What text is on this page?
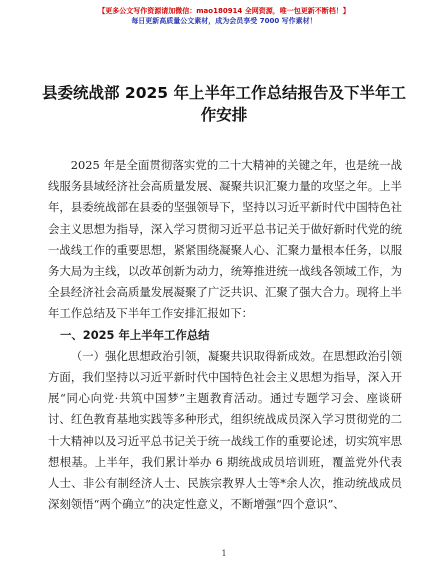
【更多公文写作资源请加微信：mao180914 全网资源，唯一包更新不断档！】
每日更新高质量公文素材，成为会员享受 7000 写作素材！
县委统战部 2025 年上半年工作总结报告及下半年工作安排

2025 年是全面贯彻落实党的二十大精神的关键之年，也是统一战线服务县域经济社会高质量发展、凝聚共识汇聚力量的攻坚之年。上半年，县委统战部在县委的坚强领导下，坚持以习近平新时代中国特色社会主义思想为指导，深入学习贯彻习近平总书记关于做好新时代党的统一战线工作的重要思想，紧紧围绕凝聚人心、汇聚力量根本任务，以服务大局为主线，以改革创新为动力，统筹推进统一战线各领域工作，为全县经济社会高质量发展凝聚了广泛共识、汇聚了强大合力。现将上半年工作总结及下半年工作安排汇报如下：

一、2025 年上半年工作总结

（一）强化思想政治引领，凝聚共识取得新成效。在思想政治引领方面，我们坚持以习近平新时代中国特色社会主义思想为指导，深入开展“同心向党·共筑中国梦”主题教育活动。通过专题学习会、座谈研讨、红色教育基地实践等多种形式，组织统战成员深入学习贯彻党的二十大精神以及习近平总书记关于统一战线工作的重要论述，切实筑牢思想根基。上半年，我们累计举办 6 期统战成员培训班，覆盖党外代表人士、非公有制经济人士、民族宗教界人士等*余人次，推动统战成员深刻领悟“两个确立”的决定性意义，不断增强“四个意识”、

1
